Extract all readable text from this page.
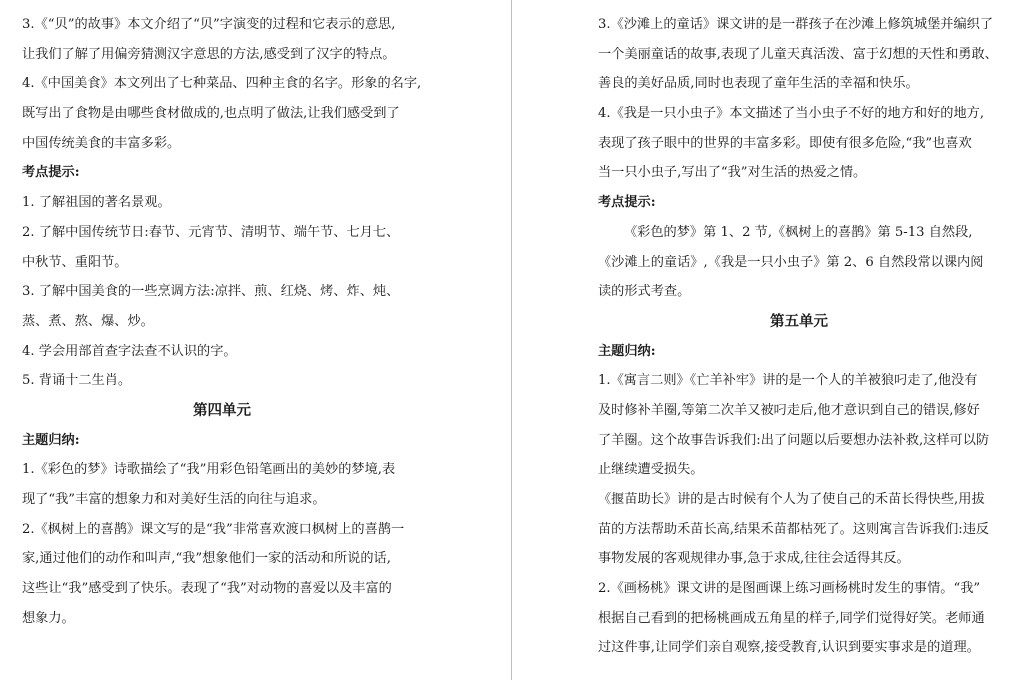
3.《“贝”的故事》本文介绍了“贝”字演变的过程和它表示的意思,
让我们了解了用偏旁猜测汉字意思的方法,感受到了汉字的特点。
4.《中国美食》本文列出了七种菜品、四种主食的名字。形象的名字,
既写出了食物是由哪些食材做成的,也点明了做法,让我们感受到了
中国传统美食的丰富多彩。
考点提示:
1. 了解祖国的著名景观。
2. 了解中国传统节日:春节、元宵节、清明节、端午节、七月七、
中秋节、重阳节。
3. 了解中国美食的一些烹调方法:凉拌、煎、红烧、烤、炸、炖、
蒸、煮、熬、爆、炒。
4. 学会用部首查字法查不认识的字。
5. 背诵十二生肖。
第四单元
主题归纳:
1.《彩色的梦》诗歌描绘了“我”用彩色铅笔画出的美妙的梦境,表
现了“我”丰富的想象力和对美好生活的向往与追求。
2.《枫树上的喜鹊》课文写的是“我”非常喜欢渡口枫树上的喜鹊一
家,通过他们的动作和叫声,“我”想象他们一家的活动和所说的话,
这些让“我”感受到了快乐。表现了“我”对动物的喜爱以及丰富的
想象力。
3.《沙滩上的童话》课文讲的是一群孩子在沙滩上修筑城堡并编织了
一个美丽童话的故事,表现了儿童天真活泼、富于幻想的天性和勇敢、
善良的美好品质,同时也表现了童年生活的幸福和快乐。
4.《我是一只小虫子》本文描述了当小虫子不好的地方和好的地方,
表现了孩子眼中的世界的丰富多彩。即使有很多危险,“我”也喜欢
当一只小虫子,写出了“我”对生活的热爱之情。
考点提示:
《彩色的梦》第 1、2 节,《枫树上的喜鹊》第 5-13 自然段,
《沙滩上的童话》,《我是一只小虫子》第 2、6 自然段常以课内阅
读的形式考查。
第五单元
主题归纳:
1.《寓言二则》《亡羊补牢》讲的是一个人的羊被狼叼走了,他没有
及时修补羊圈,等第二次羊又被叼走后,他才意识到自己的错误,修好
了羊圈。这个故事告诉我们:出了问题以后要想办法补救,这样可以防
止继续遭受损失。
《揠苗助长》讲的是古时候有个人为了使自己的禾苗长得快些,用拔
苗的方法帮助禾苗长高,结果禾苗都枯死了。这则寓言告诉我们:违反
事物发展的客观规律办事,急于求成,往往会适得其反。
2.《画杨桃》课文讲的是图画课上练习画杨桃时发生的事情。“我”
根据自己看到的把杨桃画成五角星的样子,同学们觉得好笑。老师通
过这件事,让同学们亲自观察,接受教育,认识到要实事求是的道理。
